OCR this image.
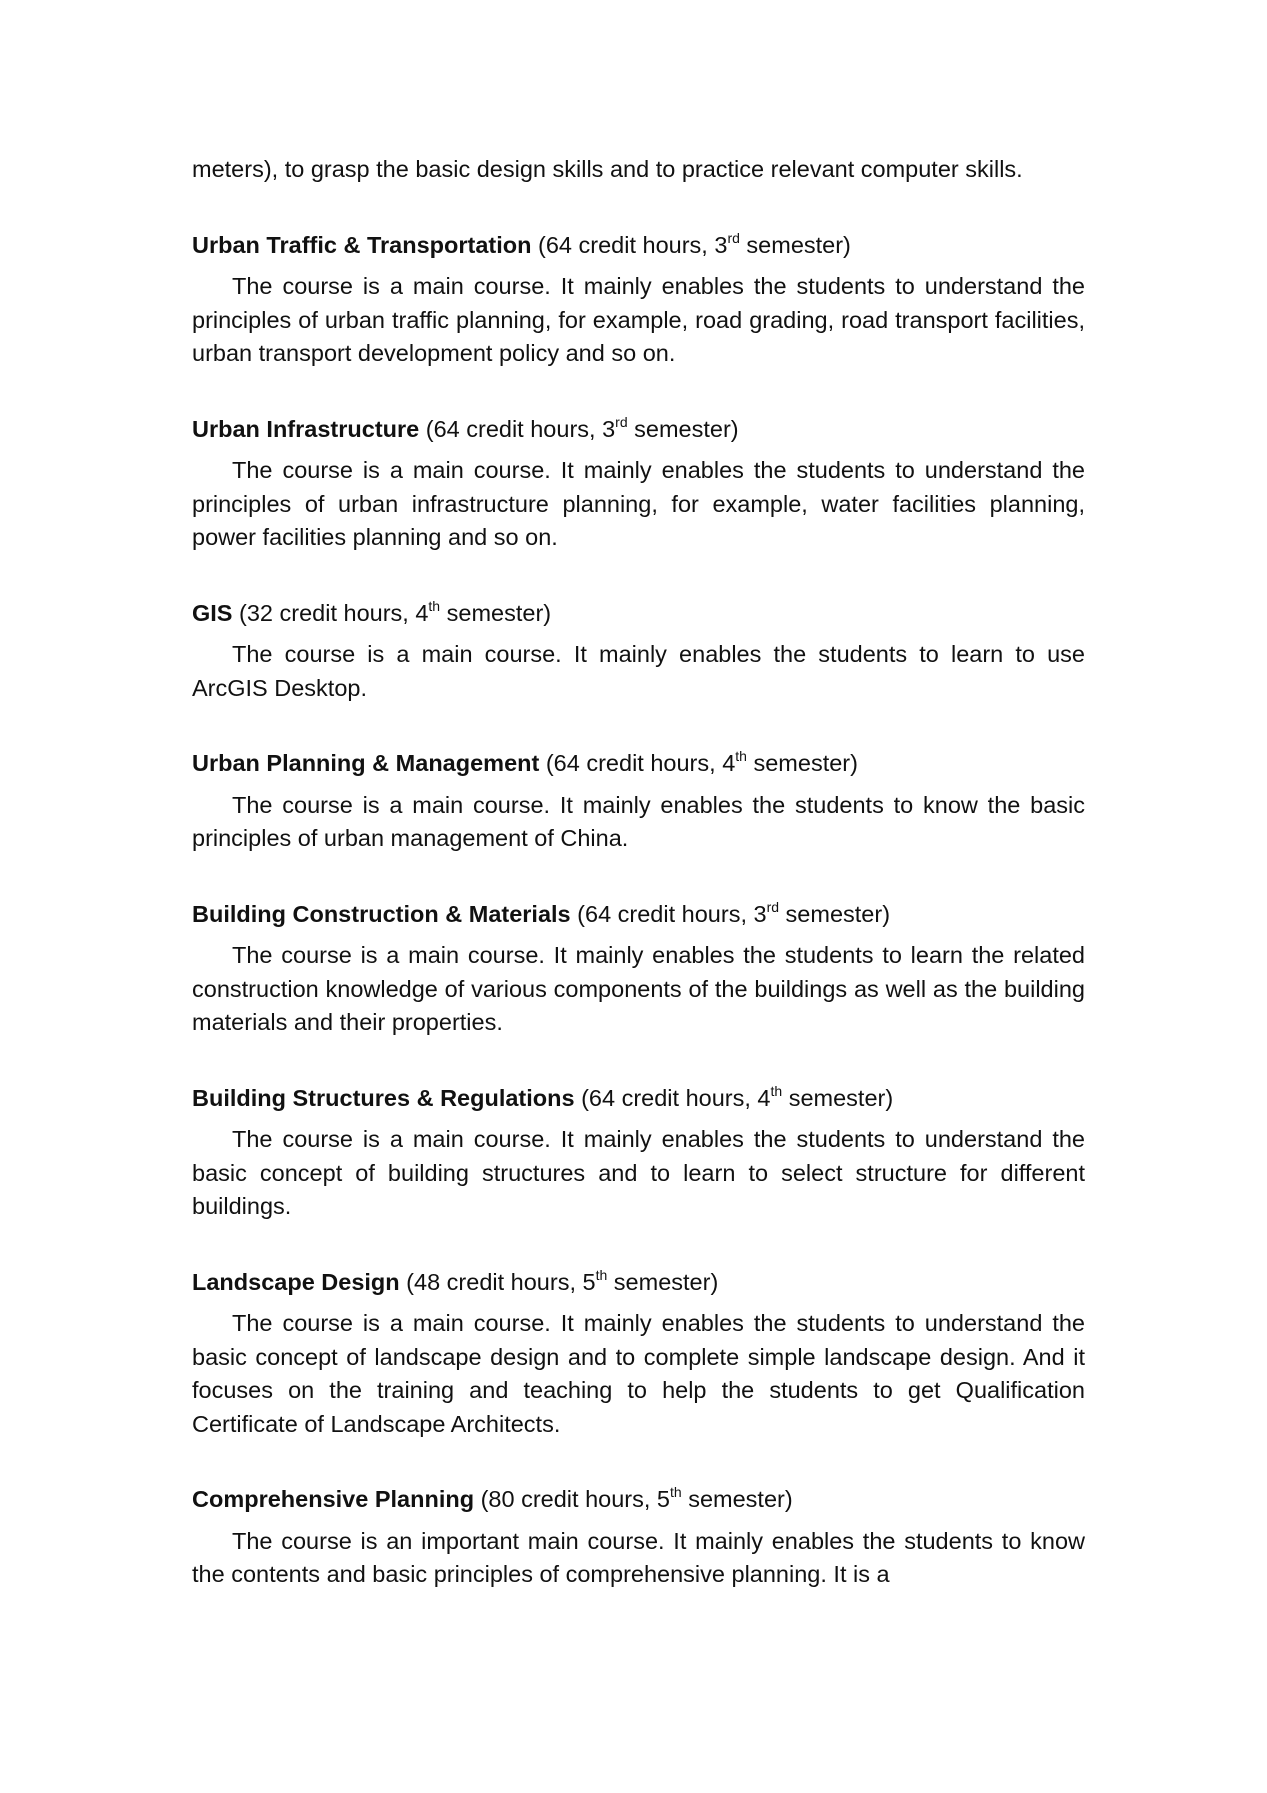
meters), to grasp the basic design skills and to practice relevant computer skills.

Urban Traffic & Transportation (64 credit hours, 3rd semester)

The course is a main course. It mainly enables the students to understand the principles of urban traffic planning, for example, road grading, road transport facilities, urban transport development policy and so on.

Urban Infrastructure (64 credit hours, 3rd semester)

The course is a main course. It mainly enables the students to understand the principles of urban infrastructure planning, for example, water facilities planning, power facilities planning and so on.

GIS (32 credit hours, 4th semester)

The course is a main course. It mainly enables the students to learn to use ArcGIS Desktop.

Urban Planning & Management (64 credit hours, 4th semester)

The course is a main course. It mainly enables the students to know the basic principles of urban management of China.

Building Construction & Materials (64 credit hours, 3rd semester)

The course is a main course. It mainly enables the students to learn the related construction knowledge of various components of the buildings as well as the building materials and their properties.

Building Structures & Regulations (64 credit hours, 4th semester)

The course is a main course. It mainly enables the students to understand the basic concept of building structures and to learn to select structure for different buildings.

Landscape Design (48 credit hours, 5th semester)

The course is a main course. It mainly enables the students to understand the basic concept of landscape design and to complete simple landscape design. And it focuses on the training and teaching to help the students to get Qualification Certificate of Landscape Architects.

Comprehensive Planning (80 credit hours, 5th semester)

The course is an important main course. It mainly enables the students to know the contents and basic principles of comprehensive planning. It is a
